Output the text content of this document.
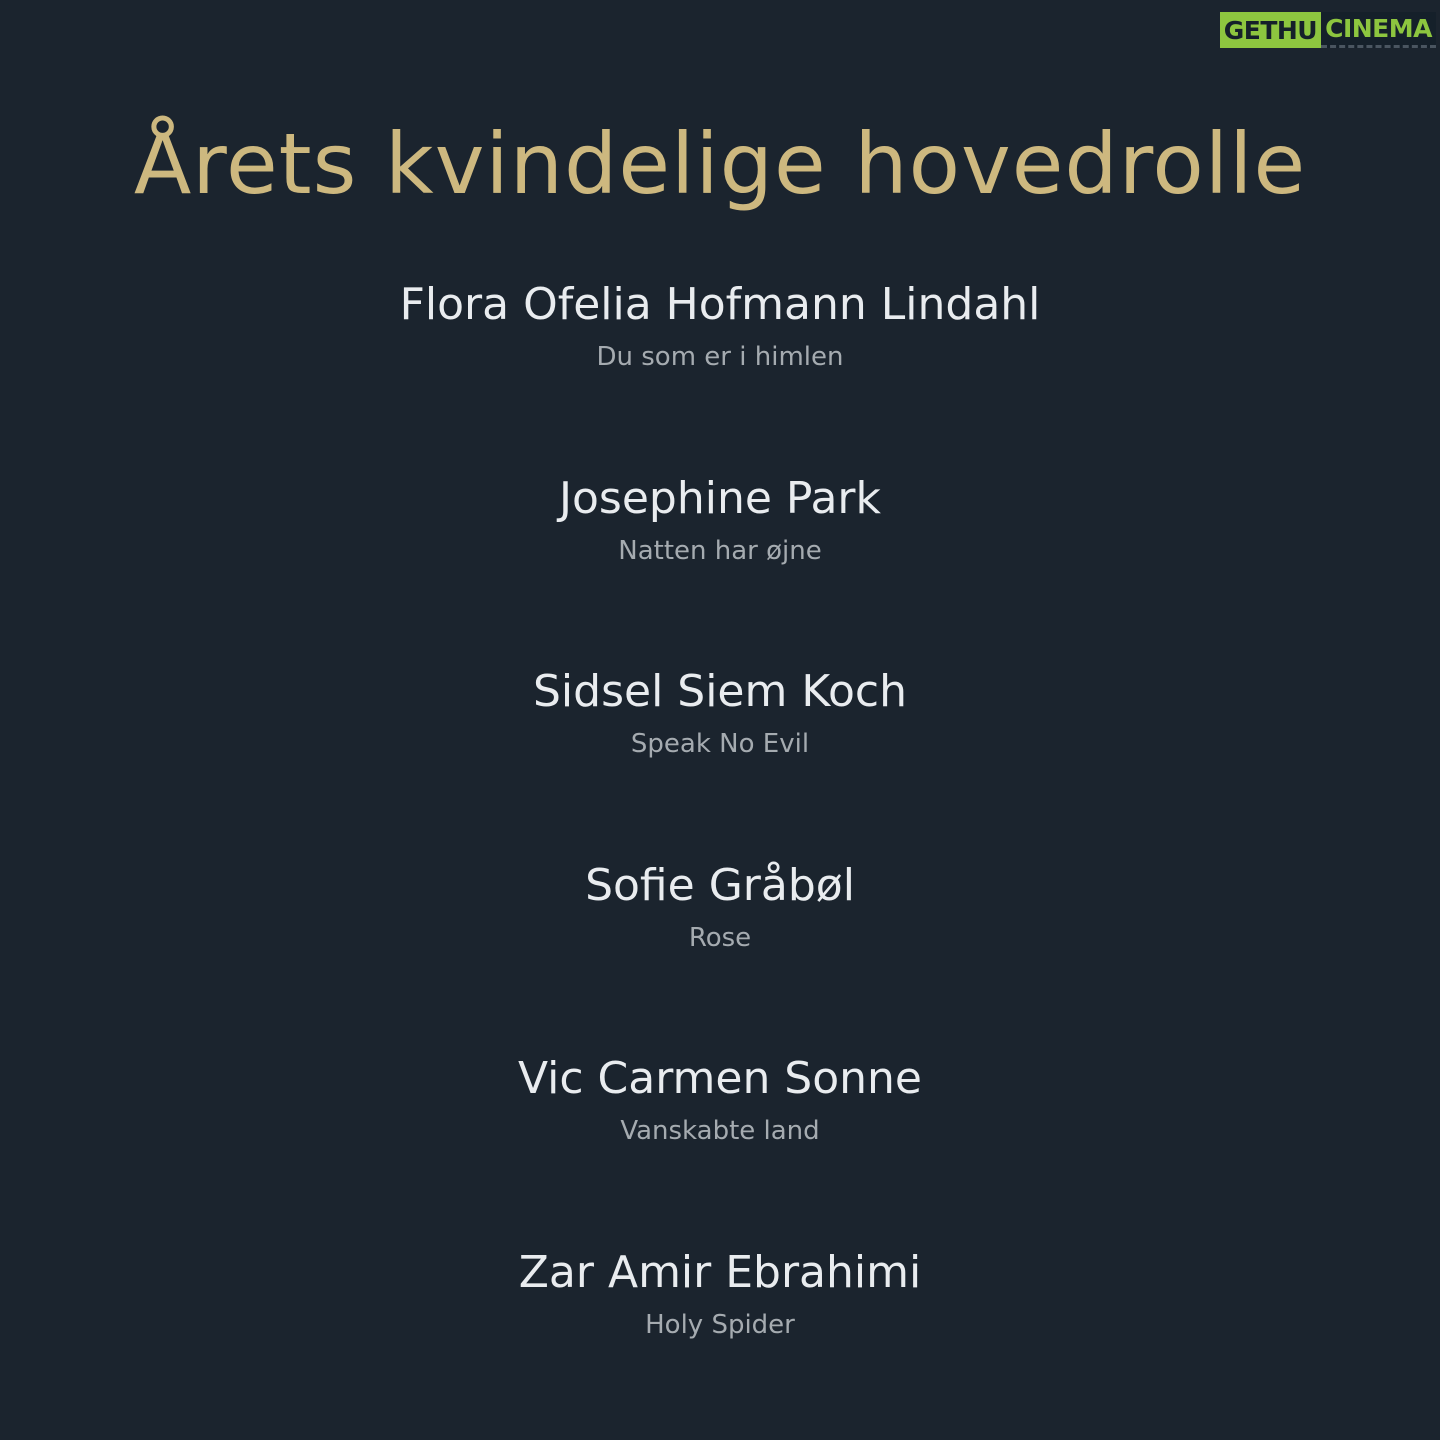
GETHU CINEMA
Årets kvindelige hovedrolle
Flora Ofelia Hofmann Lindahl
Du som er i himlen
Josephine Park
Natten har øjne
Sidsel Siem Koch
Speak No Evil
Sofie Gråbøl
Rose
Vic Carmen Sonne
Vanskabte land
Zar Amir Ebrahimi
Holy Spider
